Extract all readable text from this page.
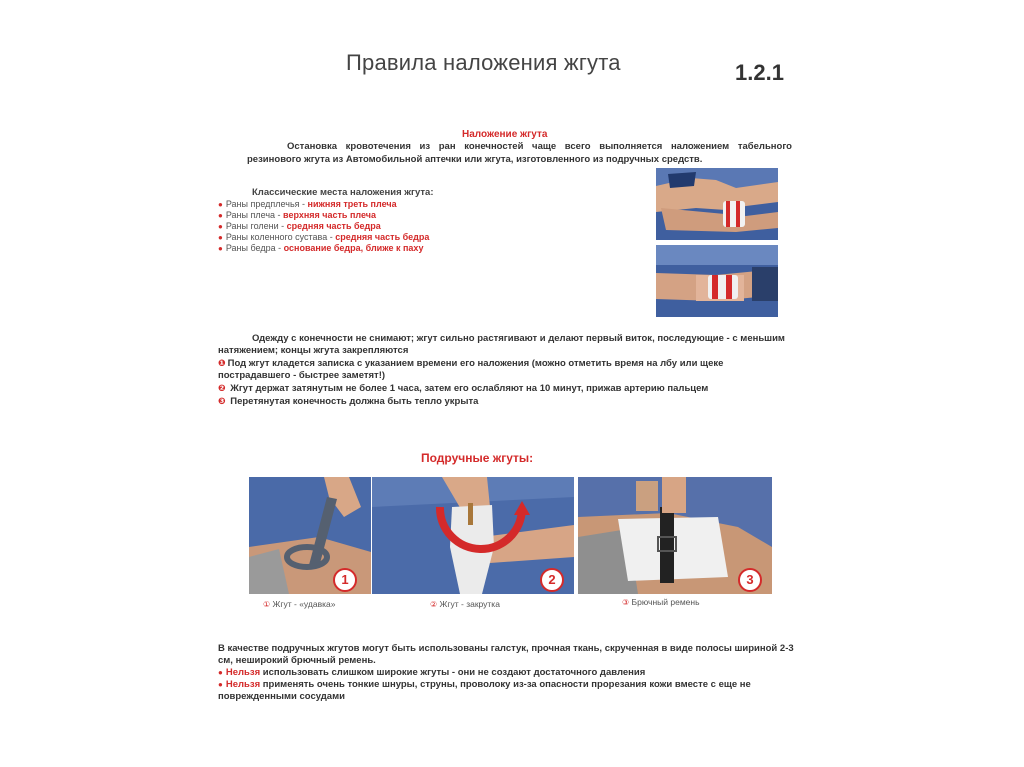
Правила наложения жгута	1.2.1
Наложение жгута
Остановка кровотечения из ран конечностей чаще всего выполняется наложением табельного резинового жгута из Автомобильной аптечки или жгута, изготовленного из подручных средств.
Классические места наложения жгута:
● Раны предплечья - нижняя треть плеча
● Раны плеча - верхняя часть плеча
● Раны голени - средняя часть бедра
● Раны коленного сустава - средняя часть бедра
● Раны бедра - основание бедра, ближе к паху

Одежду с конечности не снимают; жгут сильно растягивают и делают первый виток, последующие - с меньшим натяжением; концы жгута закрепляются

❶ Под жгут кладется записка с указанием времени его наложения (можно отметить время на лбу или щеке пострадавшего - быстрее заметят!)

❷ Жгут держат затянутым не более 1 часа, затем его ослабляют на 10 минут, прижав артерию пальцем

❸ Перетянутая конечность должна быть тепло укрыта

Подручные жгуты:
1	2	3
① Жгут - «удавка»	② Жгут - закрутка	③ Брючный ремень

В качестве подручных жгутов могут быть использованы галстук, прочная ткань, скрученная в виде полосы шириной 2-3 см, неширокий брючный ремень.

● Нельзя использовать слишком широкие жгуты - они не создают достаточного давления

● Нельзя применять очень тонкие шнуры, струны, проволоку из-за опасности прорезания кожи вместе с еще не поврежденными сосудами
